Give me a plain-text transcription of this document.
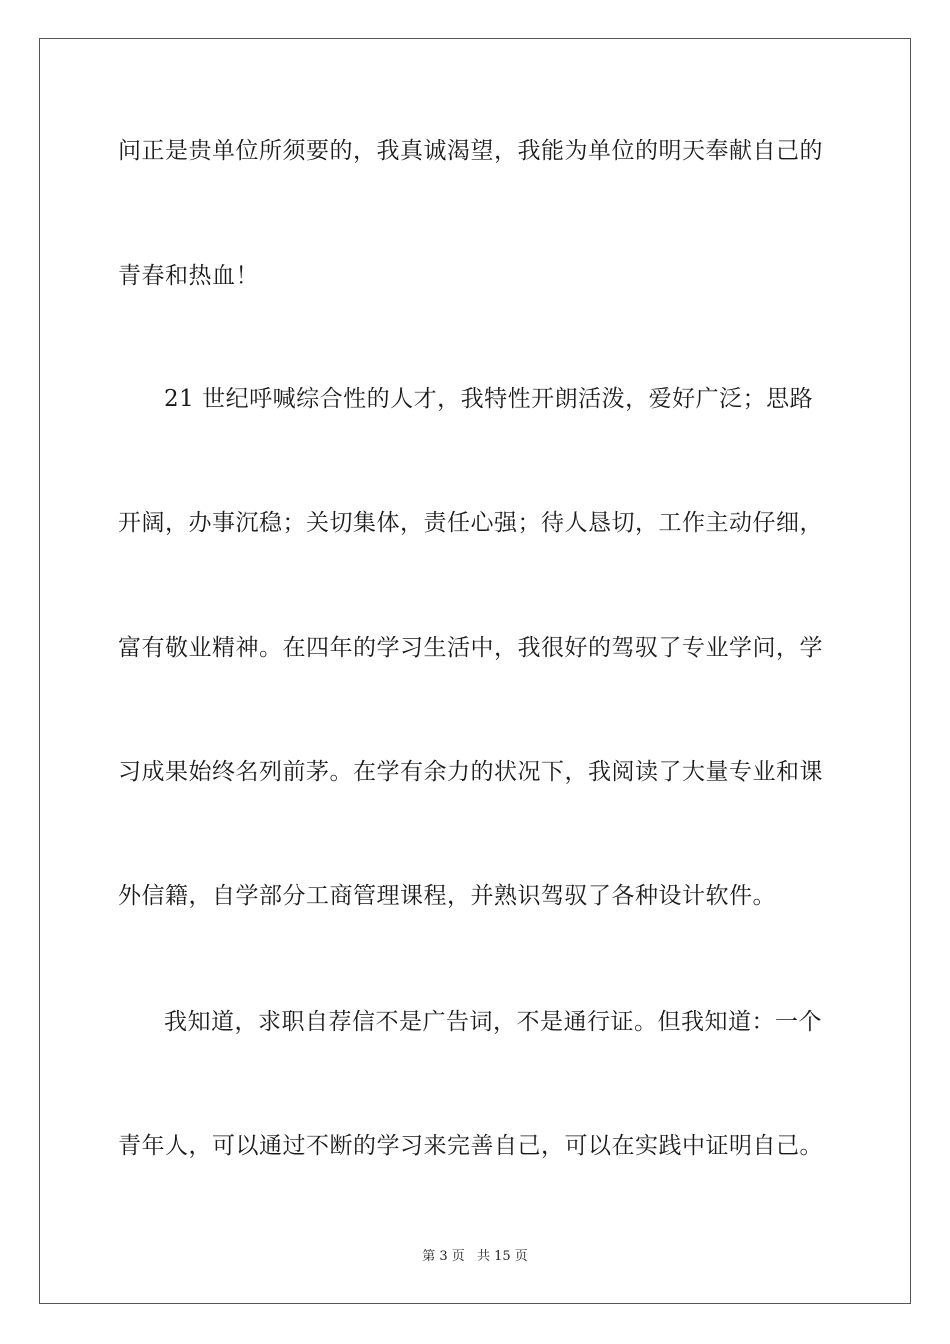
问正是贵单位所须要的，我真诚渴望，我能为单位的明天奉献自己的
青春和热血！
21 世纪呼喊综合性的人才，我特性开朗活泼，爱好广泛；思路
开阔，办事沉稳；关切集体，责任心强；待人恳切，工作主动仔细，
富有敬业精神。在四年的学习生活中，我很好的驾驭了专业学问，学
习成果始终名列前茅。在学有余力的状况下，我阅读了大量专业和课
外信籍，自学部分工商管理课程，并熟识驾驭了各种设计软件。
我知道，求职自荐信不是广告词，不是通行证。但我知道：一个
青年人，可以通过不断的学习来完善自己，可以在实践中证明自己。
第 3 页 共 15 页
